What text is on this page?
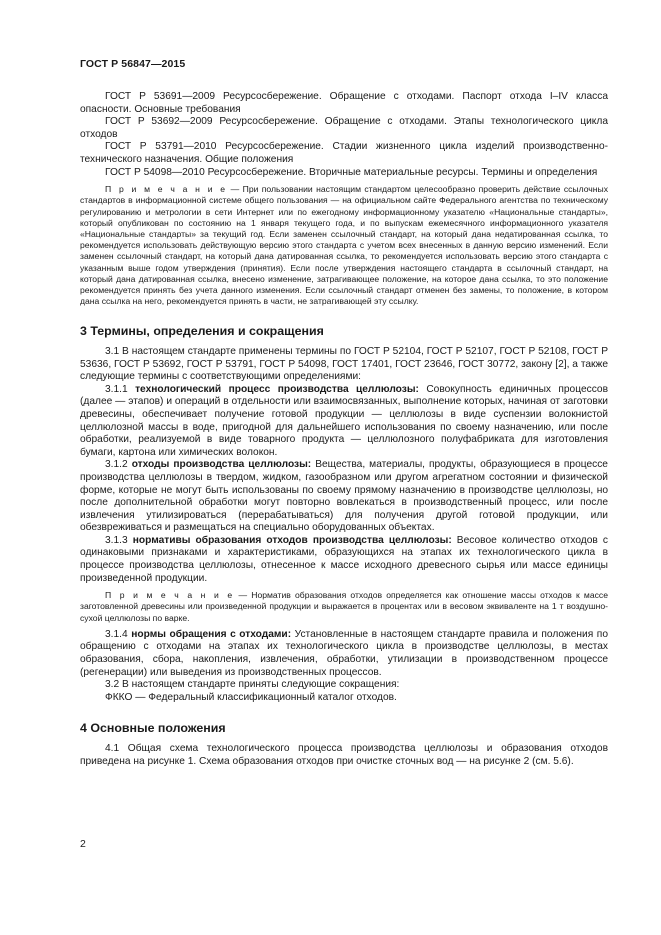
ГОСТ Р 56847—2015

ГОСТ Р 53691—2009 Ресурсосбережение. Обращение с отходами. Паспорт отхода I–IV класса опасности. Основные требования

ГОСТ Р 53692—2009 Ресурсосбережение. Обращение с отходами. Этапы технологического цикла отходов

ГОСТ Р 53791—2010 Ресурсосбережение. Стадии жизненного цикла изделий производственно-технического назначения. Общие положения

ГОСТ Р 54098—2010 Ресурсосбережение. Вторичные материальные ресурсы. Термины и определения

П р и м е ч а н и е — При пользовании настоящим стандартом целесообразно проверить действие ссылочных стандартов в информационной системе общего пользования — на официальном сайте Федерального агентства по техническому регулированию и метрологии в сети Интернет или по ежегодному информационному указателю «Национальные стандарты», который опубликован по состоянию на 1 января текущего года, и по выпускам ежемесячного информационного указателя «Национальные стандарты» за текущий год. Если заменен ссылочный стандарт, на который дана недатированная ссылка, то рекомендуется использовать действующую версию этого стандарта с учетом всех внесенных в данную версию изменений. Если заменен ссылочный стандарт, на который дана датированная ссылка, то рекомендуется использовать версию этого стандарта с указанным выше годом утверждения (принятия). Если после утверждения настоящего стандарта в ссылочный стандарт, на который дана датированная ссылка, внесено изменение, затрагивающее положение, на которое дана ссылка, то это положение рекомендуется принять без учета данного изменения. Если ссылочный стандарт отменен без замены, то положение, в котором дана ссылка на него, рекомендуется принять в части, не затрагивающей эту ссылку.

3 Термины, определения и сокращения

3.1 В настоящем стандарте применены термины по ГОСТ Р 52104, ГОСТ Р 52107, ГОСТ Р 52108, ГОСТ Р 53636, ГОСТ Р 53692, ГОСТ Р 53791, ГОСТ Р 54098, ГОСТ 17401, ГОСТ 23646, ГОСТ 30772, закону [2], а также следующие термины с соответствующими определениями:

3.1.1 технологический процесс производства целлюлозы: Совокупность единичных процессов (далее — этапов) и операций в отдельности или взаимосвязанных, выполнение которых, начиная от заготовки древесины, обеспечивает получение готовой продукции — целлюлозы в виде суспензии волокнистой целлюлозной массы в воде, пригодной для дальнейшего использования по своему назначению, или после обработки, реализуемой в виде товарного продукта — целлюлозного полуфабриката для изготовления бумаги, картона или химических волокон.

3.1.2 отходы производства целлюлозы: Вещества, материалы, продукты, образующиеся в процессе производства целлюлозы в твердом, жидком, газообразном или другом агрегатном состоянии и физической форме, которые не могут быть использованы по своему прямому назначению в производстве целлюлозы, но после дополнительной обработки могут повторно вовлекаться в производственный процесс, или после извлечения утилизироваться (перерабатываться) для получения другой готовой продукции, или обезвреживаться и размещаться на специально оборудованных объектах.

3.1.3 нормативы образования отходов производства целлюлозы: Весовое количество отходов с одинаковыми признаками и характеристиками, образующихся на этапах их технологического цикла в процессе производства целлюлозы, отнесенное к массе исходного древесного сырья или массе единицы произведенной продукции.

П р и м е ч а н и е — Норматив образования отходов определяется как отношение массы отходов к массе заготовленной древесины или произведенной продукции и выражается в процентах или в весовом эквиваленте на 1 т воздушно-сухой целлюлозы по варке.

3.1.4 нормы обращения с отходами: Установленные в настоящем стандарте правила и положения по обращению с отходами на этапах их технологического цикла в производстве целлюлозы, в местах образования, сбора, накопления, извлечения, обработки, утилизации в производственном процессе (регенерации) или выведения из производственных процессов.

3.2 В настоящем стандарте приняты следующие сокращения:

ФККО — Федеральный классификационный каталог отходов.

4 Основные положения

4.1 Общая схема технологического процесса производства целлюлозы и образования отходов приведена на рисунке 1. Схема образования отходов при очистке сточных вод — на рисунке 2 (см. 5.6).

2
